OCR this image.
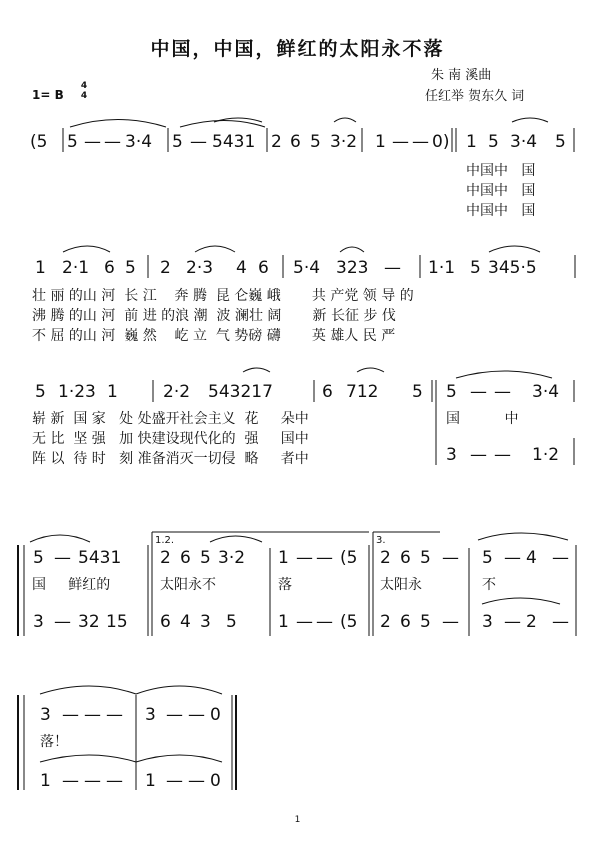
中国，中国，鲜红的太阳永不落
朱 南 溪曲
任红举 贺东久 词
1= B
4
4
(5 5 — — 3·4 5 — 5431 2 6 5 3·2 1 — — 0) 1 5 3·4 5
1 2·1 6 5 2 2·3 4 6 5·4 323 — 1·1 5 345·5
5 1·23 1	2·2 543217	6 712 5 5 — — 3·4
3 — — 1·2
5 — 5431 2 6 5 3·2 1 — — (5 2 6 5 — 5 — 4 —
3 — 32 15 6 4 3 5 1 — — (5 2 6 5 — 3 — 2 —
3 — — — 3 — — 0
1 — — — 1 — — 0
1.2.	3.
中国中   国
中国中   国
中国中   国
壮 丽 的山 河  长 江    奔 腾  昆 仑巍 峨       共 产党 领 导 的
沸 腾 的山 河  前 进 的浪 潮  波 澜壮 阔       新 长征 步 伐
不 屈 的山 河  巍 然    屹 立  气 势磅 礴       英 雄人 民 严
崭 新  国 家   处 处盛开社会主义  花     朵中
无 比  坚 强   加 快建设现代化的  强     国中
阵 以  待 时   刻 准备消灭一切侵  略     者中
国          中
国     鲜红的	太阳永不	落	太阳永	不
落！
1
